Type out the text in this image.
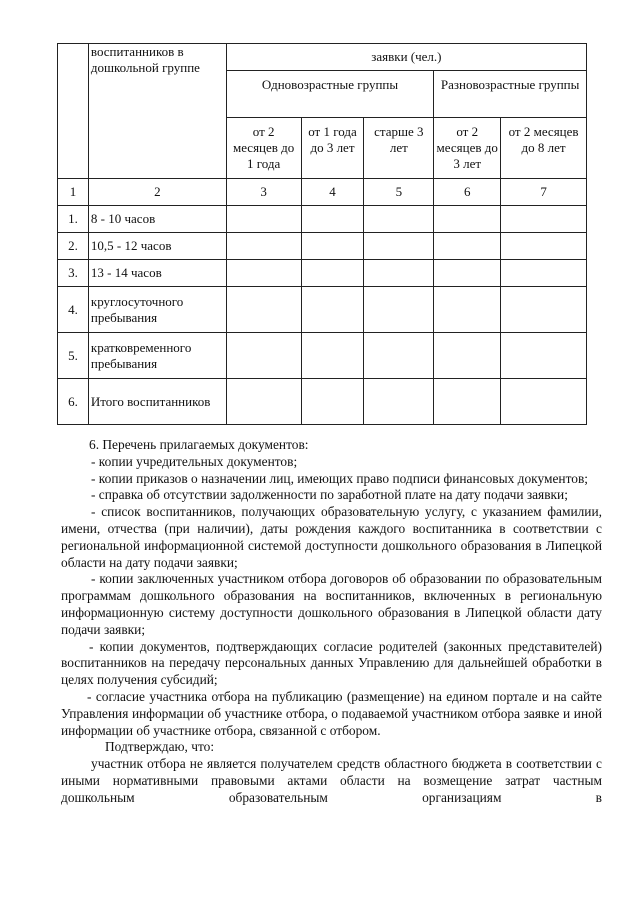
	воспитанников в дошкольной группе	заявки (чел.)				
		Одновозрастные группы			Разновозрастные группы	
		от 2 месяцев до 1 года	от 1 года до 3 лет	старше 3 лет	от 2 месяцев до 3 лет	от 2 месяцев до 8 лет
1	2	3	4	5	6	7
1.	8 - 10 часов					
2.	10,5 - 12 часов					
3.	13 - 14 часов					
4.	круглосуточного пребывания					
5.	кратковременного пребывания					
6.	Итого воспитанников					

6. Перечень прилагаемых документов:

- копии учредительных документов;

- копии приказов о назначении лиц, имеющих право подписи финансовых документов;

- справка об отсутствии задолженности по заработной плате на дату подачи заявки;

- список воспитанников, получающих образовательную услугу, с указанием фамилии, имени, отчества (при наличии), даты рождения каждого воспитанника в соответствии с региональной информационной системой доступности дошкольного образования в Липецкой области на дату подачи заявки;

- копии заключенных участником отбора договоров об образовании по образовательным программам дошкольного образования на воспитанников, включенных в региональную информационную систему доступности дошкольного образования в Липецкой области дату подачи заявки;

- копии документов, подтверждающих согласие родителей (законных представителей) воспитанников на передачу персональных данных Управлению для дальнейшей обработки в целях получения субсидий;

- согласие участника отбора на публикацию (размещение) на едином портале и на сайте Управления информации об участнике отбора, о подаваемой участником отбора заявке и иной информации об участнике отбора, связанной с отбором.

Подтверждаю, что:

участник отбора не является получателем средств областного бюджета в соответствии с иными нормативными правовыми актами области на возмещение затрат частным дошкольным образовательным организациям в
